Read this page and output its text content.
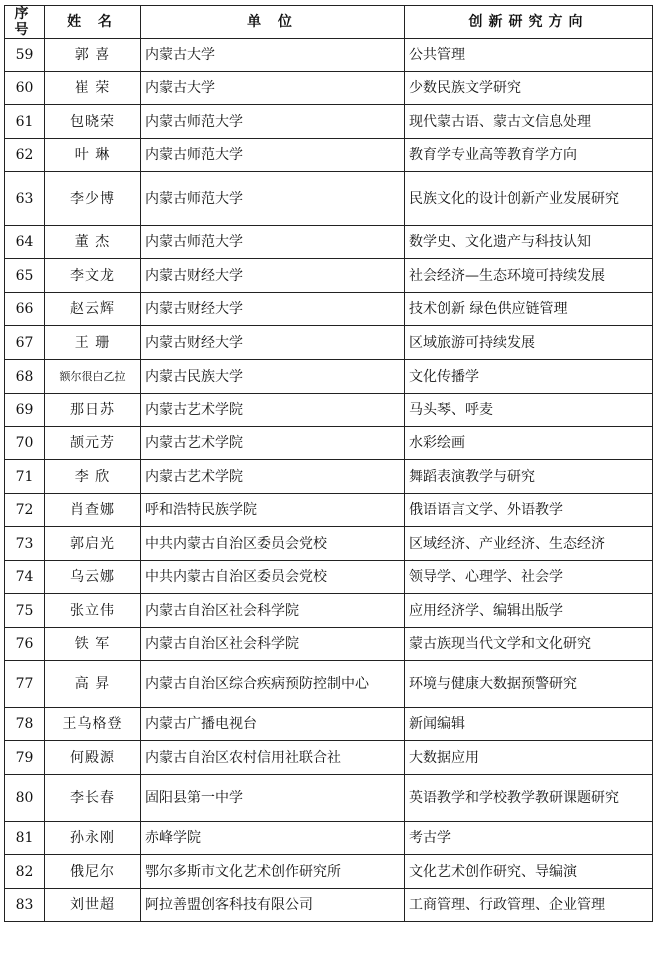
序号	姓 名	单 位	创新研究方向
59	郭 喜	内蒙古大学	公共管理
60	崔 荣	内蒙古大学	少数民族文学研究
61	包晓荣	内蒙古师范大学	现代蒙古语、蒙古文信息处理
62	叶 琳	内蒙古师范大学	教育学专业高等教育学方向
63	李少博	内蒙古师范大学	民族文化的设计创新产业发展研究
64	董 杰	内蒙古师范大学	数学史、文化遗产与科技认知
65	李文龙	内蒙古财经大学	社会经济—生态环境可持续发展
66	赵云辉	内蒙古财经大学	技术创新 绿色供应链管理
67	王 珊	内蒙古财经大学	区域旅游可持续发展
68	额尔很白乙拉	内蒙古民族大学	文化传播学
69	那日苏	内蒙古艺术学院	马头琴、呼麦
70	颉元芳	内蒙古艺术学院	水彩绘画
71	李 欣	内蒙古艺术学院	舞蹈表演教学与研究
72	肖查娜	呼和浩特民族学院	俄语语言文学、外语教学
73	郭启光	中共内蒙古自治区委员会党校	区域经济、产业经济、生态经济
74	乌云娜	中共内蒙古自治区委员会党校	领导学、心理学、社会学
75	张立伟	内蒙古自治区社会科学院	应用经济学、编辑出版学
76	铁 军	内蒙古自治区社会科学院	蒙古族现当代文学和文化研究
77	高 昇	内蒙古自治区综合疾病预防控制中心	环境与健康大数据预警研究
78	王乌格登	内蒙古广播电视台	新闻编辑
79	何殿源	内蒙古自治区农村信用社联合社	大数据应用
80	李长春	固阳县第一中学	英语教学和学校教学教研课题研究
81	孙永刚	赤峰学院	考古学
82	俄尼尔	鄂尔多斯市文化艺术创作研究所	文化艺术创作研究、导编演
83	刘世超	阿拉善盟创客科技有限公司	工商管理、行政管理、企业管理
